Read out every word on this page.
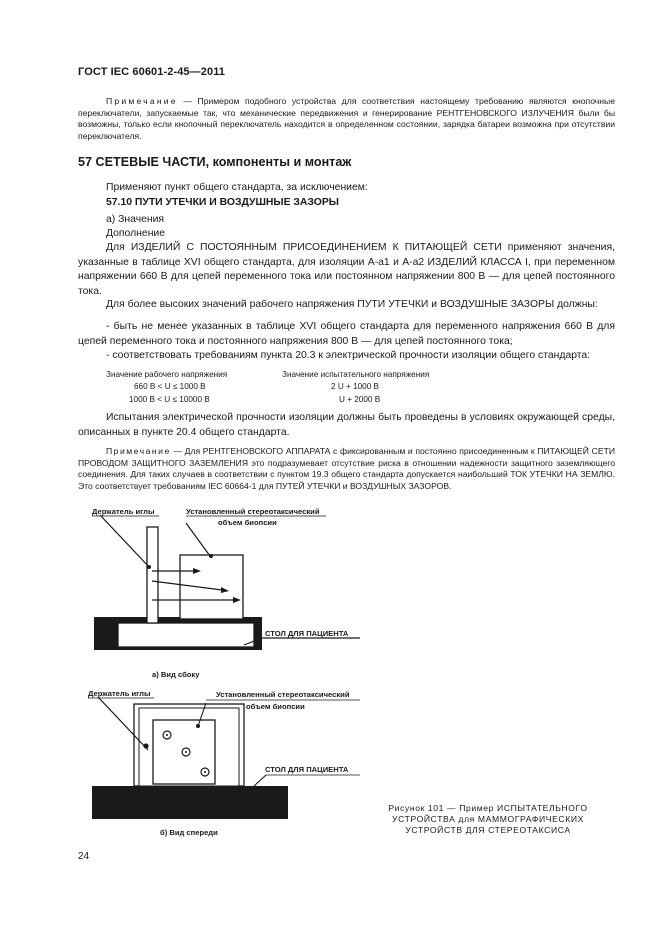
ГОСТ IEC 60601-2-45—2011
Примечание — Примером подобного устройства для соответствия настоящему требованию являются кнопочные переключатели, запускаемые так, что механические передвижения и генерирование РЕНТГЕНОВСКОГО ИЗЛУЧЕНИЯ были бы возможны, только если кнопочный переключатель находится в определенном состоянии, зарядка батареи возможна при отсутствии переключателя.
57 СЕТЕВЫЕ ЧАСТИ, компоненты и монтаж
Применяют пункт общего стандарта, за исключением:
57.10 ПУТИ УТЕЧКИ И ВОЗДУШНЫЕ ЗАЗОРЫ
а) Значения
Дополнение
Для ИЗДЕЛИЙ С ПОСТОЯННЫМ ПРИСОЕДИНЕНИЕМ К ПИТАЮЩЕЙ СЕТИ применяют значения, указанные в таблице XVI общего стандарта, для изоляции A-a1 и A-a2 ИЗДЕЛИЙ КЛАССА I, при переменном напряжении 660 В для цепей переменного тока или постоянном напряжении 800 В — для цепей постоянного тока.
Для более высоких значений рабочего напряжения ПУТИ УТЕЧКИ и ВОЗДУШНЫЕ ЗАЗОРЫ должны:
- быть не менее указанных в таблице XVI общего стандарта для переменного напряжения 660 В для цепей переменного тока и постоянного напряжения 800 В — для цепей постоянного тока;
- соответствовать требованиям пункта 20.3 к электрической прочности изоляции общего стандарта:
Значение рабочего напряжения	Значение испытательного напряжения
660 В < U ≤ 1000 В	2 U + 1000 В
1000 В < U ≤ 10000 В	U + 2000 В
Испытания электрической прочности изоляции должны быть проведены в условиях окружающей среды, описанных в пункте 20.4 общего стандарта.
Примечание — Для РЕНТГЕНОВСКОГО АППАРАТА с фиксированным и постоянно присоединенным к ПИТАЮЩЕЙ СЕТИ ПРОВОДОМ ЗАЩИТНОГО ЗАЗЕМЛЕНИЯ это подразумевает отсутствие риска в отношении надежности защитного заземляющего соединения. Для таких случаев в соответствии с пунктом 19.3 общего стандарта допускается наибольший ТОК УТЕЧКИ НА ЗЕМЛЮ. Это соответствует требованиям IEC 60664-1 для ПУТЕЙ УТЕЧКИ и ВОЗДУШНЫХ ЗАЗОРОВ.
Держатель иглы	Установленный стереотаксический
объем биопсии
СТОЛ ДЛЯ ПАЦИЕНТА
а) Вид сбоку
Держатель иглы	Установленный стереотаксический
объем биопсии
СТОЛ ДЛЯ ПАЦИЕНТА
б) Вид спереди
Рисунок 101 — Пример ИСПЫТАТЕЛЬНОГО
УСТРОЙСТВА для МАММОГРАФИЧЕСКИХ
УСТРОЙСТВ ДЛЯ СТЕРЕОТАКСИСА
24
